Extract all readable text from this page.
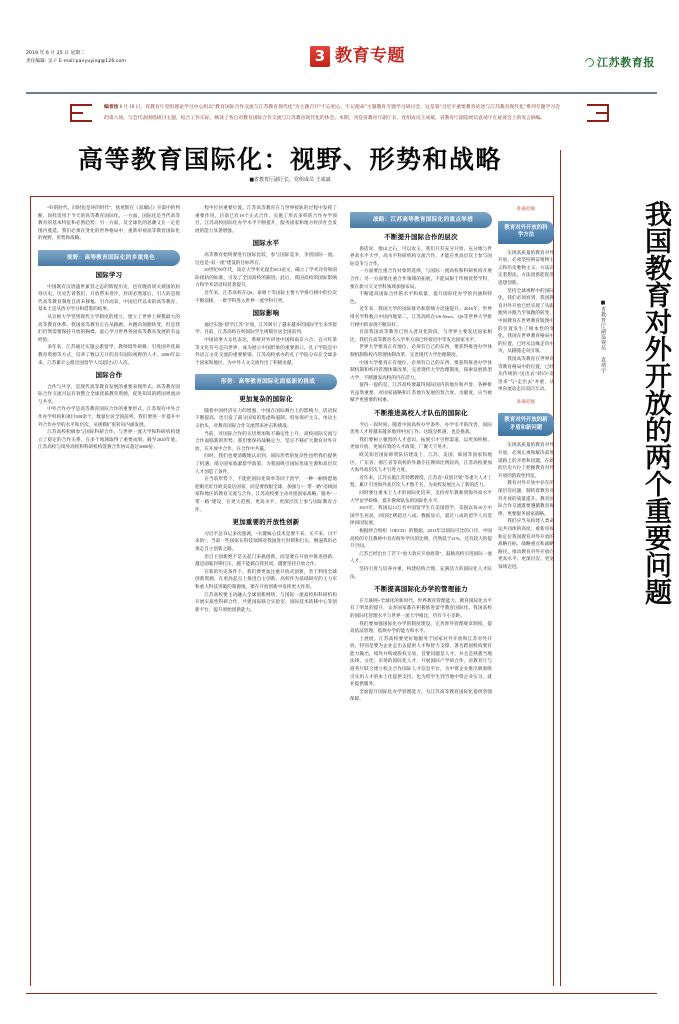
2019 年 6 月 25 日 星期二
责任编辑: 吴子 E-mail:panyuying@126.com	3 教育专题	江苏教育报
编者按 6 月 18 日，省教育厅党组理论学习中心组以“教育国际合作交流与江苏教育现代化”为主题召开“不忘初心、牢记使命”主题教育专题学习研讨会，这是第“习近平重要教育论述与江苏教育现代化”系列专题学习会的第八场。与会代表围绕研讨主题，结合工作实际，畅谈了各自对教育国际合作交流与江苏教育现代化的体会。本期，刊登省教育厅副厅长、党组成员王成斌，省教育厅副巡视员袁靖宇在座谈会上的发言摘编。
高等教育国际化：视野、形势和战略
■省教育厅副厅长、党组成员 王成斌

“好的时代，同时也是坏的时代”，狄更斯在《双城记》开篇中的判断，同样适用于今天的高等教育国际化。一方面，国际化是当代高等教育的基本特征和必然趋势；另一方面，反全球化的思潮又在一定范围内蔓延。我们必须在变化的世界格局中，重新审视高等教育国际化的视野、形势和战略。

视野：高等教育国际化的多重角色
国际学习

中国既有汉唐盛世兼容之态的辉煌历史，也有晚清闭关锁国的屈辱历史。历史告诉我们，开放带来进步，封闭必然落后。引人的是现代高等教育制度自清末移植、引介而来。中国近代以来的高等教育，基本上是从西方学习和借鉴的结果。

从京师大学堂到现代大学制度的建立，建立了世界上规模最大的高等教育体系，我国高等教育正在从跟跑、并跑向领跑转变，但是我们仍然需要保持开放的胸襟，虚心学习世界各国高等教育发展的有益经验。

多年来，江苏通过实施公派留学、教师境外研修、引进国外优质教育资源等方式，培养了数以万计的具有国际视野的人才。2000年以来，江苏累计公派出国留学人员超过2万人次。

国际合作

合作与共享，是现代高等教育发展的重要表现形式。高等教育国际合作交流可以有效整合全球优质教育资源，促进知识的跨国界流动与共享。

中外合作办学是高等教育国际合作的重要形式。江苏现有中外合作办学机构和项目300余个，数量位居全国前列。我们要进一步提升中外合作办学的水平和层次，从规模扩张转向内涵发展。

江苏高校积极参与国际科研合作，与世界一流大学和科研机构建立了稳定的合作关系，在多个领域取得了重要成果。截至2020年底，江苏高校与境外高校和科研机构签署合作协议超过3000份。

程中位居重要位置。江苏高等教育在与世界接轨的过程中发挥了重要作用，目前已有18个正式合作、实施了形式多样的合作办学项目。江苏高校国际化办学水平不断提升，服务国家和地方经济社会发展的能力显著增强。

国际水平

高等教育始终要进行国际比较，参与国际竞争，争创国际一流。这也是“双一流”建设的目标所在。

20世纪90年代，南京大学率先提出SCI论文，确立了学术评价和国际接轨的标准，引发了全国高校的跟进。此后，我国高校的国际影响力和学术话语权显著提升。

近年来，江苏高校在QS、泰晤士等国际主要大学排行榜中的位次不断前移，一批学科进入世界一流学科行列。

国际影响

通过实施“留学江苏”计划，江苏吸引了越来越多的国际学生来华留学。目前，江苏高校在校国际学生规模位居全国前列。

中国故事大众化表达，系统对外讲述中国和南京六合、宜兴红茶等文化符号走向世界，成为展示中国形象的重要窗口。孔子学院是中外语言文化交流的重要桥梁，江苏高校承办的孔子学院分布在全球多个国家和地区，为中外人文交流作出了积极贡献。

形势：高等教育国际化面临新的挑战
更加复杂的国际化

随着中国经济实力的增强，中国在国际舞台上的影响力、话语权不断提高，也引发了部分国家的焦虑和遏制。贸易保护主义、单边主义抬头，对教育国际合作交流带来冲击和挑战。

当前，对国际合作的关切增加和不确定性上升，高校国际交流与合作面临新的形势。我们要保持战略定力，坚定不移扩大教育对外开放，在开放中合作，在合作中共赢。

同时，我们也要清醒地认识到，国际形势的复杂性也给我们提供了机遇。部分国家收紧留学政策，为我国吸引国际优质生源和高层次人才创造了条件。

在当前形势下，不能把国际化简单等同于留学，一种一厢情愿地把眼光盯住欧美发达国家，而是要放眼全球，加强与“一带一路”沿线国家和地区的教育交流与合作。江苏高校要主动对接国家战略，服务“一带一路”建设，在更大范围、更高水平、更深层次上参与国际教育合作。

更加重要的开放性创新

习近平总书记多次强调，“关键核心技术是要不来、买不来、讨不来的”。当前一些国家在科技领域对我国进行封锁和打压，倒逼我们必须走自主创新之路。

但自主创新绝不是关起门来搞创新，而是要在开放中推进创新。越是面临封锁打压，越不能搞自我封闭，越要坚持开放合作。

在新的历史条件下，我们要更加注重开放式创新，善于利用全球创新资源，在更高起点上推进自主创新。高校作为基础研究的主力军和重大科技突破的策源地，要在开放创新中发挥更大作用。

江苏高校要主动融入全球创新网络，与国际一流高校和科研机构开展实质性科研合作，共建国际联合实验室、国际技术转移中心等创新平台，提升原始创新能力。

战略：江苏高等教育国际化的重点举措
不断提升国际合作的层次

俗话说，他山之石，可以攻玉。我们只有充分开放，充分地与世界高水平大学、高水平科研机构交流合作，才能在更高层次上参与国际竞争与合作。

一方面要注重合作对象的选择，与国际一流高校和科研机构开展合作；另一方面要注重合作领域的拓展，不能局限于传统优势学科，要在新兴交叉学科领域加强布局。

不断提高国际合作的水平和质量，提升国际化办学的内涵和特色。

近年来，我国大学的国际排名和影响力迅速提升。2016年，世界排名学科数占中国内地第二，江苏高校在US.News、QS等世界大学排行榜中的表现不断向好。

目前我国高等教育已进入普及化阶段，与世界主要发达国家相比，我们在高等教育毛入学率方面已经接近中等发达国家水平。

世界大学要真正有地位，必须有自己的东西，要获得推进办学体制机制和校内管理体制改革，完善现代大学治理制度。

中国大学要真正有地位，必须有自己的东西，要获得推进办学体制机制和校内管理体制改革，完善现代大学治理制度，探索发展新型大学，不断激发高校的内在活力。

值得一提的是，江苏高校要赢得国际国内的地位和声誉，各种排名虽然重要，对国家战略和江苏地方发展的契合度、贡献度，应当被赋予更重要的权重。

不断推进高校人才队伍的国际化

今后一段时间，随着中国高校办学条件、办学水平的改善，国际优秀人才将越来越多地到中国工作。这既是机遇，也是挑战。

我们要树立强烈的人才意识，拓展引才引智渠道，以更加积极、更加开放、更加有效的人才政策，广聚天下英才。

欧美知名国际师资队伍建设上，江苏、美国、韩国等国家和地区。广东省、浙江省等高校的外籍专任教师比例较高，江苏高校要加大海外高层次人才引进力度。

近年来，江苏实施江苏特聘教授、江苏省“双创计划”等重大人才工程，累计引进海外高层次人才数千名，为高校发展注入了新的活力。

同时要注重本土人才的国际化培养，支持青年教师到海外高水平大学访学研修，提升教师队伍的国际化水平。

2015年，我国以12万名中国留学生在美国留学，美国以每10万中国学生居高，回国比例超过八成。数据显示，超过八成的留学人员选择回国发展。

根据经合组织（OECD）的数据，2011年以国际可比的口径，中国高校的专任教师中具有海外学历的比例，仍然低于21%，还有较大的提升空间。

江苏已经出台了若干“放大效应开放政策”，鼓励高校引进国际一流人才。

坚持引进与培养并重，构建结构合理、充满活力的国际化人才队伍。

不断提高国际化办学的管理能力

在互联网+全球化的新时代，世界教育管理能力、教育国际化水平有了明显的提升，众多国家都在积极推进留学教育国际化。我国高校的国际化管理水平与世界一流大学相比，仍有不小差距。

我们要加强国际化办学的制度建设，完善涉外管理规章制度，提高依法管理、依规办学的能力和水平。

上展展。江苏高校要更好地服务于国家对外开放和江苏对外开放，特别是要为企业走出去提供人才和智力支撑。著名跨国机构要有能力输出，境外并购或股权交易，首要问题是人才，并且是熟悉当地法律、文化、市场的国际化人才，开展国际产学研合作，省教育厅与商务厅联合建立校企合作国际人才信息平台，为中资企业推出吸收吸引实用人才的本土化提供支持，也为留学生到当地中资企业实习、就业提供服务。

全面提升国际化办学管理能力，为江苏高等教育国际化提供坚强保障。

我国教育对外开放的两个重要问题
■省教育厅副巡视员 袁靖宇
准确把握
教育对外开放的科学方法

实现高质量的教育对外开放，必须坚持辩证唯物主义和历史唯物主义，方法决定着想法，方法创新能促进思想创新。

坚持全球视野中的国际化。我们必须看到，我国教育对外开放已经实现了从跟跑到并跑乃至领跑的转变，中国教育在世界教育版图中的位置发生了根本性的变化。我国在世界教育格局中的位置，已经从边缘走向中央，从跟随走向引领。

我国高等教育在世界高等教育格局中的位置，已经从传统的“送出去”转向“迎进来”与“走出去”并重，从单向流动走向双向互动。

准确把握
教育对外开放的新矛盾和新问题

实现高质量的教育对外开放，必须正视和解决前进道路上的矛盾和问题，在新的历史方位上把握教育对外开放的阶段性特征。

教育对外开放中存在的深层次问题，制约着教育对外开放的质量提升。教育国际合作交流既要遵循教育规律，更要服务国家战略。

我们应当从构建人类命运共同体的高度，重新审视和定位我国教育对外开放的战略目标、战略重点和战略路径，推动教育对外开放向更高水平、更深层次、更宽领域迈进。
